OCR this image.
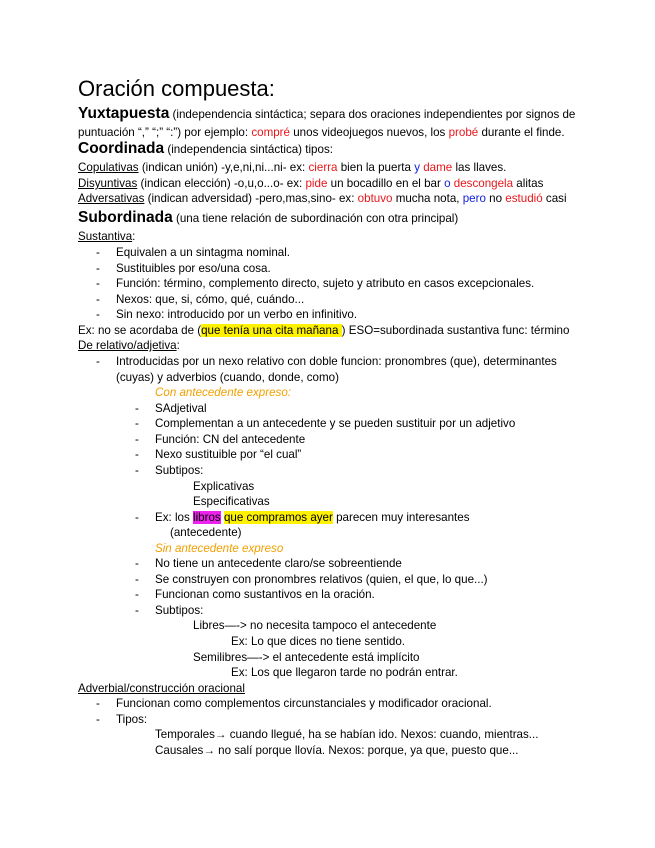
Oración compuesta:
Yuxtapuesta (independencia sintáctica; separa dos oraciones independientes por signos de
puntuación “,” “;” “:”) por ejemplo: compré unos videojuegos nuevos, los probé durante el finde.
Coordinada (independencia sintáctica) tipos:
Copulativas (indican unión) -y,e,ni,ni...ni- ex: cierra bien la puerta y dame las llaves.
Disyuntivas (indican elección) -o,u,o...o- ex: pide un bocadillo en el bar o descongela alitas
Adversativas (indican adversidad) -pero,mas,sino- ex: obtuvo mucha nota, pero no estudió casi
Subordinada (una tiene relación de subordinación con otra principal)
Sustantiva:
- Equivalen a un sintagma nominal.
- Sustituibles por eso/una cosa.
- Función: término, complemento directo, sujeto y atributo en casos excepcionales.
- Nexos: que, si, cómo, qué, cuándo...
- Sin nexo: introducido por un verbo en infinitivo.
Ex: no se acordaba de (que tenía una cita mañana ) ESO=subordinada sustantiva func: término
De relativo/adjetiva:
- Introducidas por un nexo relativo con doble funcion: pronombres (que), determinantes
(cuyas) y adverbios (cuando, donde, como)
Con antecedente expreso:
- SAdjetival
- Complementan a un antecedente y se pueden sustituir por un adjetivo
- Función: CN del antecedente
- Nexo sustituible por “el cual”
- Subtipos:
Explicativas
Especificativas
- Ex: los libros que compramos ayer parecen muy interesantes
(antecedente)
Sin antecedente expreso
- No tiene un antecedente claro/se sobreentiende
- Se construyen con pronombres relativos (quien, el que, lo que...)
- Funcionan como sustantivos en la oración.
- Subtipos:
Libres—-> no necesita tampoco el antecedente
Ex: Lo que dices no tiene sentido.
Semilibres—-> el antecedente está implícito
Ex: Los que llegaron tarde no podrán entrar.
Adverbial/construcción oracional
- Funcionan como complementos circunstanciales y modificador oracional.
- Tipos:
Temporales→ cuando llegué, ha se habían ido. Nexos: cuando, mientras...
Causales→ no salí porque llovía. Nexos: porque, ya que, puesto que...
